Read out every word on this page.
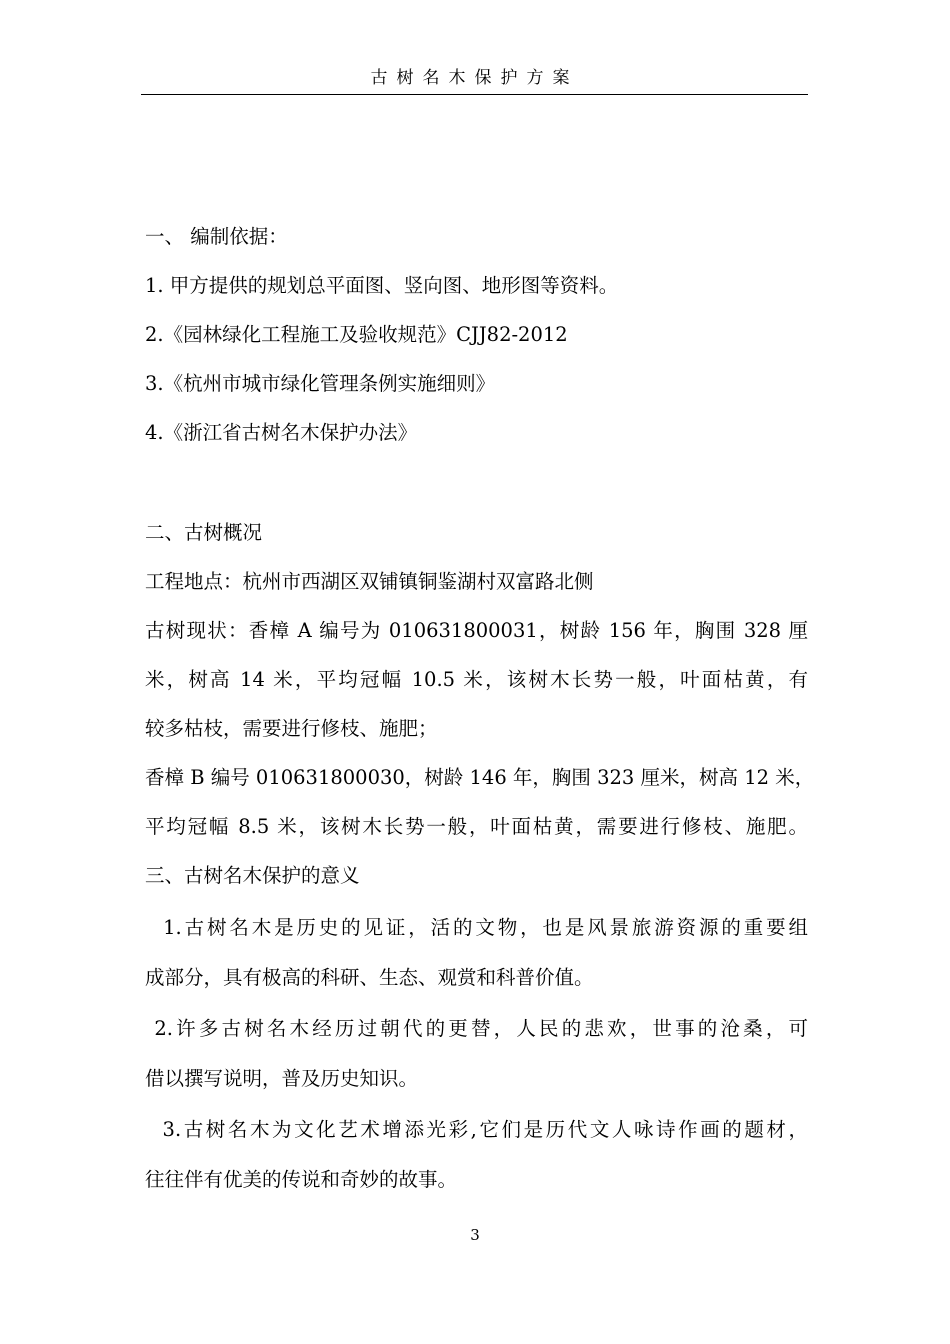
古树名木保护方案
一、 编制依据：
1. 甲方提供的规划总平面图、竖向图、地形图等资料。
2.《园林绿化工程施工及验收规范》CJJ82-2012
3.《杭州市城市绿化管理条例实施细则》
4.《浙江省古树名木保护办法》
二、古树概况
工程地点：杭州市西湖区双铺镇铜鉴湖村双富路北侧
古树现状：香樟 A 编号为 010631800031，树龄 156 年，胸围 328 厘
米，树高 14 米，平均冠幅 10.5 米，该树木长势一般，叶面枯黄，有
较多枯枝，需要进行修枝、施肥；
香樟 B 编号 010631800030，树龄 146 年，胸围 323 厘米，树高 12 米，
平均冠幅 8.5 米，该树木长势一般，叶面枯黄，需要进行修枝、施肥。
三、古树名木保护的意义
1.古树名木是历史的见证，活的文物，也是风景旅游资源的重要组
成部分，具有极高的科研、生态、观赏和科普价值。
2.许多古树名木经历过朝代的更替，人民的悲欢，世事的沧桑，可
借以撰写说明，普及历史知识。
3.古树名木为文化艺术增添光彩,它们是历代文人咏诗作画的题材，
往往伴有优美的传说和奇妙的故事。
3
